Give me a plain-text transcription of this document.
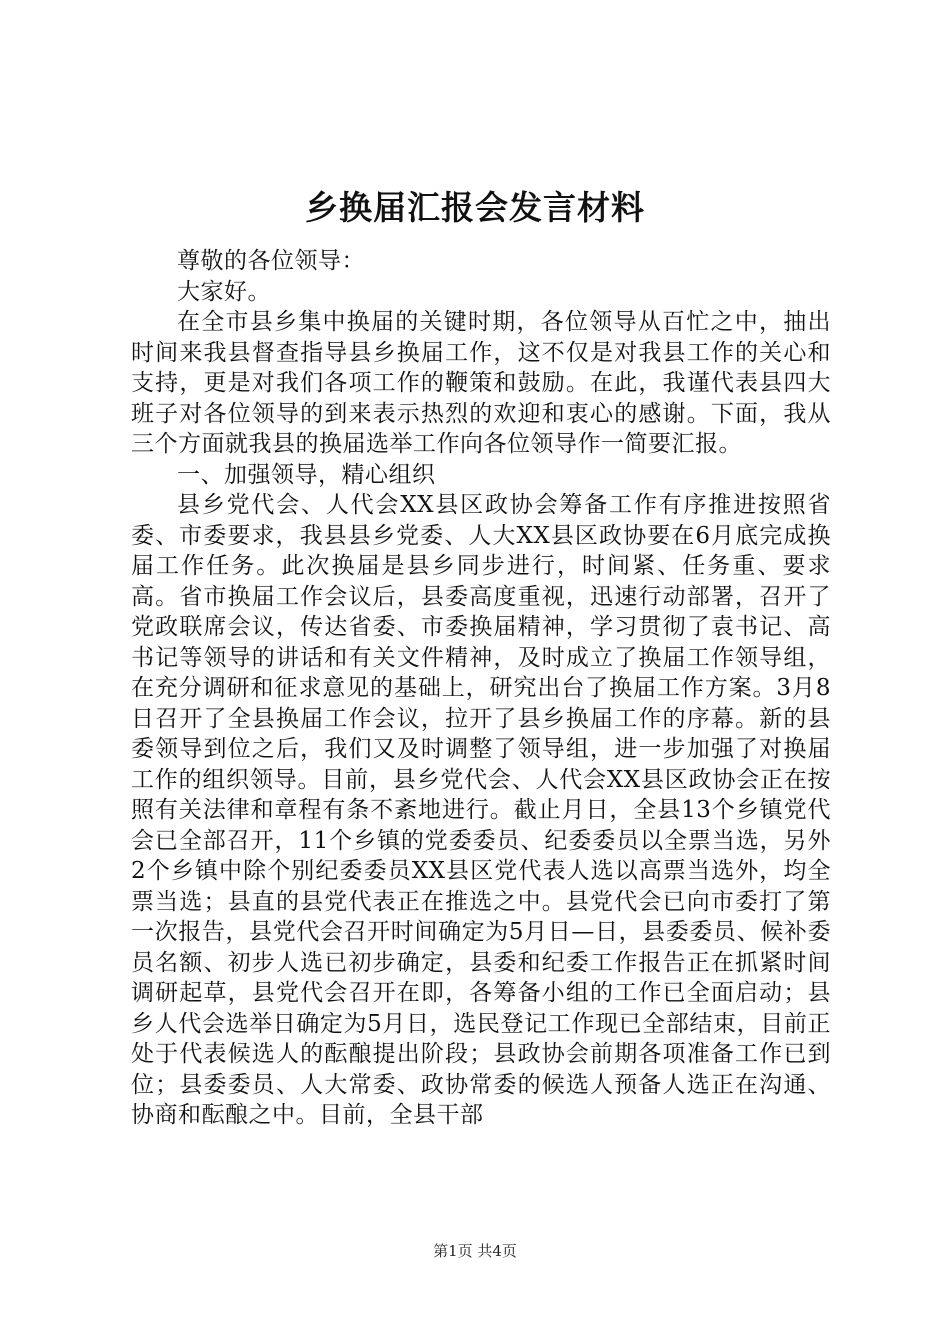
乡换届汇报会发言材料

尊敬的各位领导：

大家好。

在全市县乡集中换届的关键时期，各位领导从百忙之中，抽出时间来我县督查指导县乡换届工作，这不仅是对我县工作的关心和支持，更是对我们各项工作的鞭策和鼓励。在此，我谨代表县四大班子对各位领导的到来表示热烈的欢迎和衷心的感谢。下面，我从三个方面就我县的换届选举工作向各位领导作一简要汇报。

一、加强领导，精心组织

县乡党代会、人代会XX县区政协会筹备工作有序推进按照省委、市委要求，我县县乡党委、人大XX县区政协要在6月底完成换届工作任务。此次换届是县乡同步进行，时间紧、任务重、要求高。省市换届工作会议后，县委高度重视，迅速行动部署，召开了党政联席会议，传达省委、市委换届精神，学习贯彻了袁书记、高书记等领导的讲话和有关文件精神，及时成立了换届工作领导组，在充分调研和征求意见的基础上，研究出台了换届工作方案。3月8日召开了全县换届工作会议，拉开了县乡换届工作的序幕。新的县委领导到位之后，我们又及时调整了领导组，进一步加强了对换届工作的组织领导。目前，县乡党代会、人代会XX县区政协会正在按照有关法律和章程有条不紊地进行。截止月日，全县13个乡镇党代会已全部召开，11个乡镇的党委委员、纪委委员以全票当选，另外2个乡镇中除个别纪委委员XX县区党代表人选以高票当选外，均全票当选；县直的县党代表正在推选之中。县党代会已向市委打了第一次报告，县党代会召开时间确定为5月日—日，县委委员、候补委员名额、初步人选已初步确定，县委和纪委工作报告正在抓紧时间调研起草，县党代会召开在即，各筹备小组的工作已全面启动；县乡人代会选举日确定为5月日，选民登记工作现已全部结束，目前正处于代表候选人的酝酿提出阶段；县政协会前期各项准备工作已到位；县委委员、人大常委、政协常委的候选人预备人选正在沟通、协商和酝酿之中。目前，全县干部

第1页 共4页
